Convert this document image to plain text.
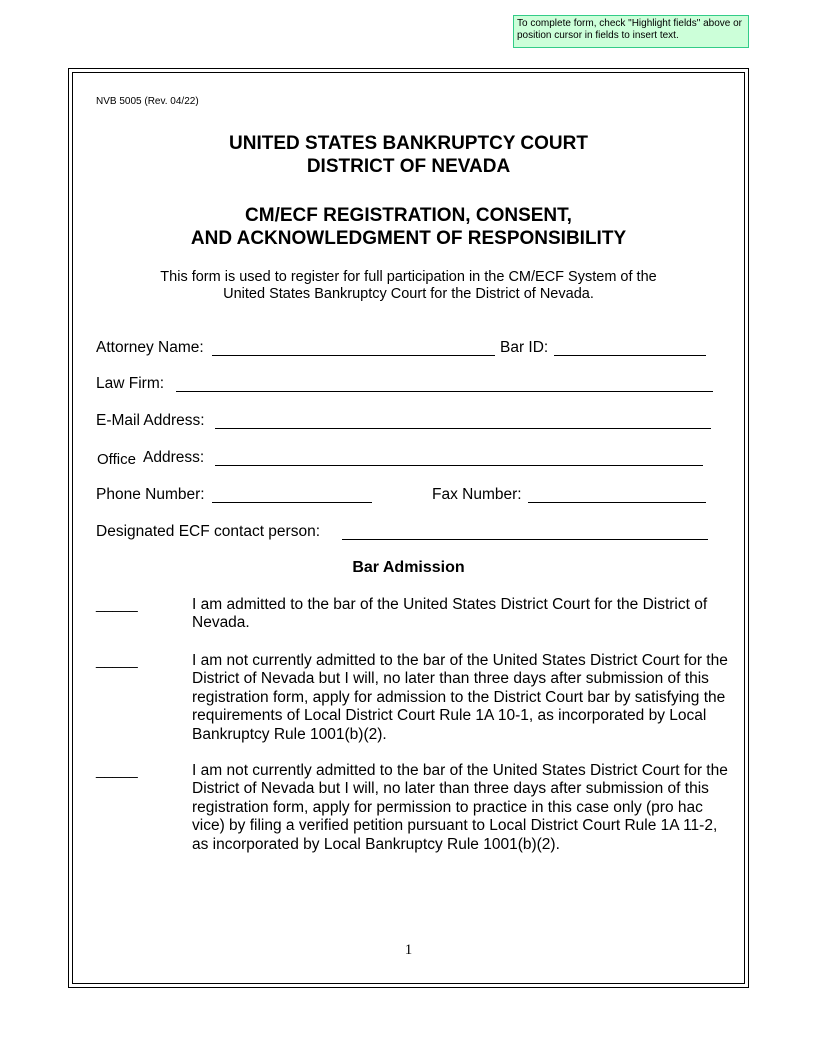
To complete form, check "Highlight fields" above or position cursor in fields to insert text.
NVB 5005 (Rev. 04/22)
UNITED STATES BANKRUPTCY COURT
DISTRICT OF NEVADA
CM/ECF REGISTRATION, CONSENT,
AND ACKNOWLEDGMENT OF RESPONSIBILITY
This form is used to register for full participation in the CM/ECF System of the
United States Bankruptcy Court for the District of Nevada.
Attorney Name:	Bar ID:
Law Firm:
E-Mail Address:
Office Address:
Phone Number:	Fax Number:
Designated ECF contact person:
Bar Admission
_____	I am admitted to the bar of the United States District Court for the District of Nevada.
_____	I am not currently admitted to the bar of the United States District Court for the District of Nevada but I will, no later than three days after submission of this registration form, apply for admission to the District Court bar by satisfying the requirements of Local District Court Rule 1A 10-1, as incorporated by Local Bankruptcy Rule 1001(b)(2).
_____	I am not currently admitted to the bar of the United States District Court for the District of Nevada but I will, no later than three days after submission of this registration form, apply for permission to practice in this case only (pro hac vice) by filing a verified petition pursuant to Local District Court Rule 1A 11-2, as incorporated by Local Bankruptcy Rule 1001(b)(2).
1
